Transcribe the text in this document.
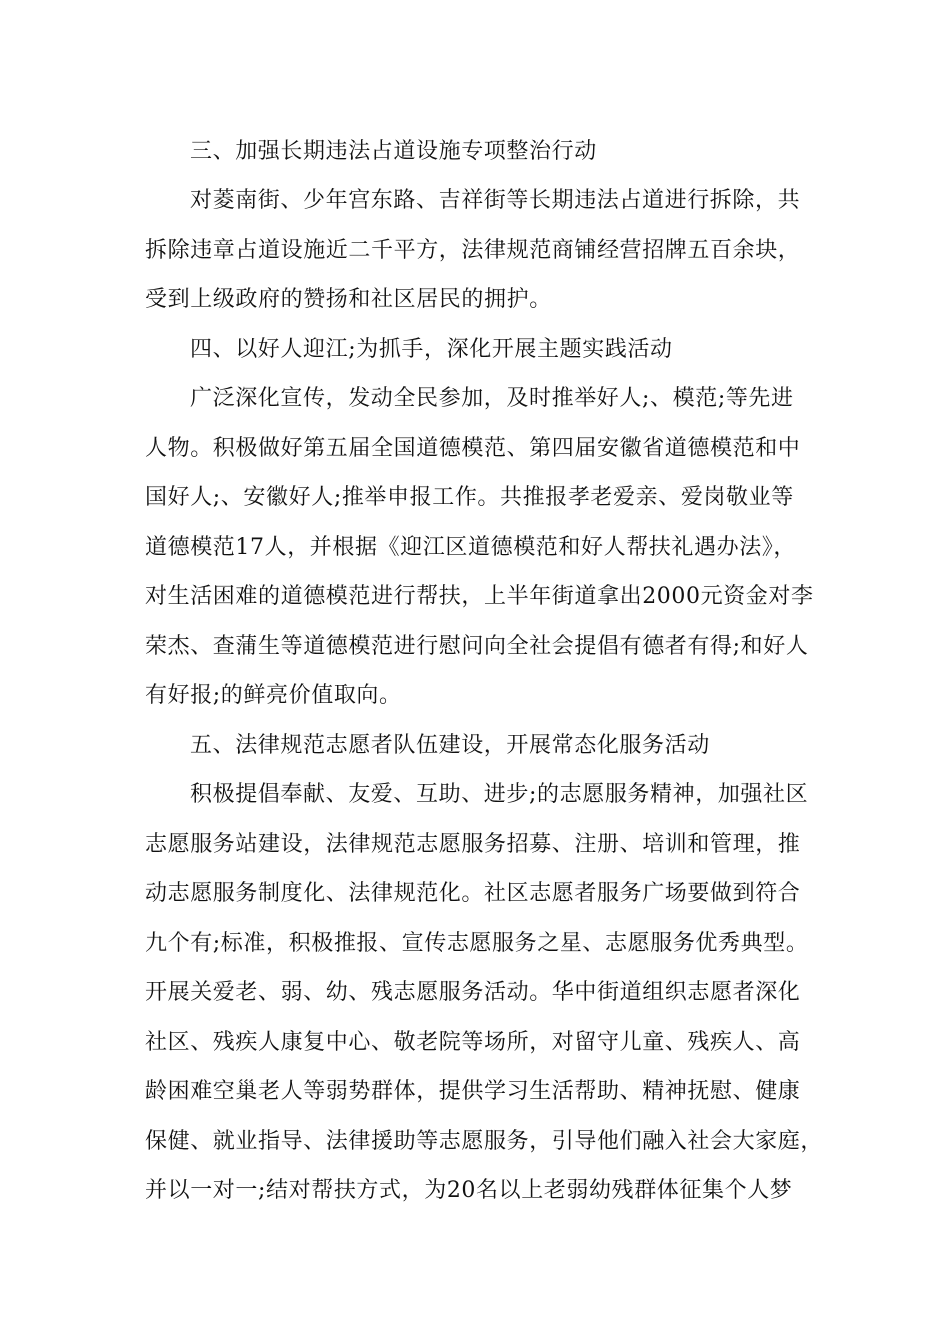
三、加强长期违法占道设施专项整治行动
对菱南街、少年宫东路、吉祥街等长期违法占道进行拆除，共
拆除违章占道设施近二千平方，法律规范商铺经营招牌五百余块，
受到上级政府的赞扬和社区居民的拥护。
四、以好人迎江;为抓手，深化开展主题实践活动
广泛深化宣传，发动全民参加，及时推举好人;、模范;等先进
人物。积极做好第五届全国道德模范、第四届安徽省道德模范和中
国好人;、安徽好人;推举申报工作。共推报孝老爱亲、爱岗敬业等
道德模范17人，并根据《迎江区道德模范和好人帮扶礼遇办法》，
对生活困难的道德模范进行帮扶，上半年街道拿出2000元资金对李
荣杰、查蒲生等道德模范进行慰问向全社会提倡有德者有得;和好人
有好报;的鲜亮价值取向。
五、法律规范志愿者队伍建设，开展常态化服务活动
积极提倡奉献、友爱、互助、进步;的志愿服务精神，加强社区
志愿服务站建设，法律规范志愿服务招募、注册、培训和管理，推
动志愿服务制度化、法律规范化。社区志愿者服务广场要做到符合
九个有;标准，积极推报、宣传志愿服务之星、志愿服务优秀典型。
开展关爱老、弱、幼、残志愿服务活动。华中街道组织志愿者深化
社区、残疾人康复中心、敬老院等场所，对留守儿童、残疾人、高
龄困难空巢老人等弱势群体，提供学习生活帮助、精神抚慰、健康
保健、就业指导、法律援助等志愿服务，引导他们融入社会大家庭，
并以一对一;结对帮扶方式，为20名以上老弱幼残群体征集个人梦
